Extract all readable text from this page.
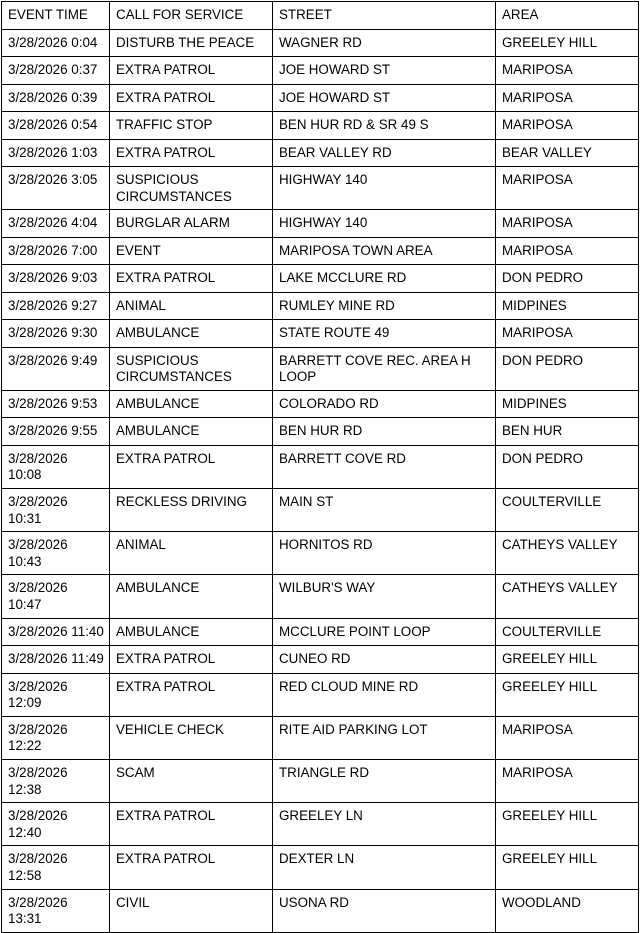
EVENT TIME	CALL FOR SERVICE	STREET	AREA
3/28/2026 0:04	DISTURB THE PEACE	WAGNER RD	GREELEY HILL
3/28/2026 0:37	EXTRA PATROL	JOE HOWARD ST	MARIPOSA
3/28/2026 0:39	EXTRA PATROL	JOE HOWARD ST	MARIPOSA
3/28/2026 0:54	TRAFFIC STOP	BEN HUR RD & SR 49 S	MARIPOSA
3/28/2026 1:03	EXTRA PATROL	BEAR VALLEY RD	BEAR VALLEY
3/28/2026 3:05	SUSPICIOUS CIRCUMSTANCES	HIGHWAY 140	MARIPOSA
3/28/2026 4:04	BURGLAR ALARM	HIGHWAY 140	MARIPOSA
3/28/2026 7:00	EVENT	MARIPOSA TOWN AREA	MARIPOSA
3/28/2026 9:03	EXTRA PATROL	LAKE MCCLURE RD	DON PEDRO
3/28/2026 9:27	ANIMAL	RUMLEY MINE RD	MIDPINES
3/28/2026 9:30	AMBULANCE	STATE ROUTE 49	MARIPOSA
3/28/2026 9:49	SUSPICIOUS CIRCUMSTANCES	BARRETT COVE REC. AREA H LOOP	DON PEDRO
3/28/2026 9:53	AMBULANCE	COLORADO RD	MIDPINES
3/28/2026 9:55	AMBULANCE	BEN HUR RD	BEN HUR
3/28/2026 10:08	EXTRA PATROL	BARRETT COVE RD	DON PEDRO
3/28/2026 10:31	RECKLESS DRIVING	MAIN ST	COULTERVILLE
3/28/2026 10:43	ANIMAL	HORNITOS RD	CATHEYS VALLEY
3/28/2026 10:47	AMBULANCE	WILBUR'S WAY	CATHEYS VALLEY
3/28/2026 11:40	AMBULANCE	MCCLURE POINT LOOP	COULTERVILLE
3/28/2026 11:49	EXTRA PATROL	CUNEO RD	GREELEY HILL
3/28/2026 12:09	EXTRA PATROL	RED CLOUD MINE RD	GREELEY HILL
3/28/2026 12:22	VEHICLE CHECK	RITE AID PARKING LOT	MARIPOSA
3/28/2026 12:38	SCAM	TRIANGLE RD	MARIPOSA
3/28/2026 12:40	EXTRA PATROL	GREELEY LN	GREELEY HILL
3/28/2026 12:58	EXTRA PATROL	DEXTER LN	GREELEY HILL
3/28/2026 13:31	CIVIL	USONA RD	WOODLAND
